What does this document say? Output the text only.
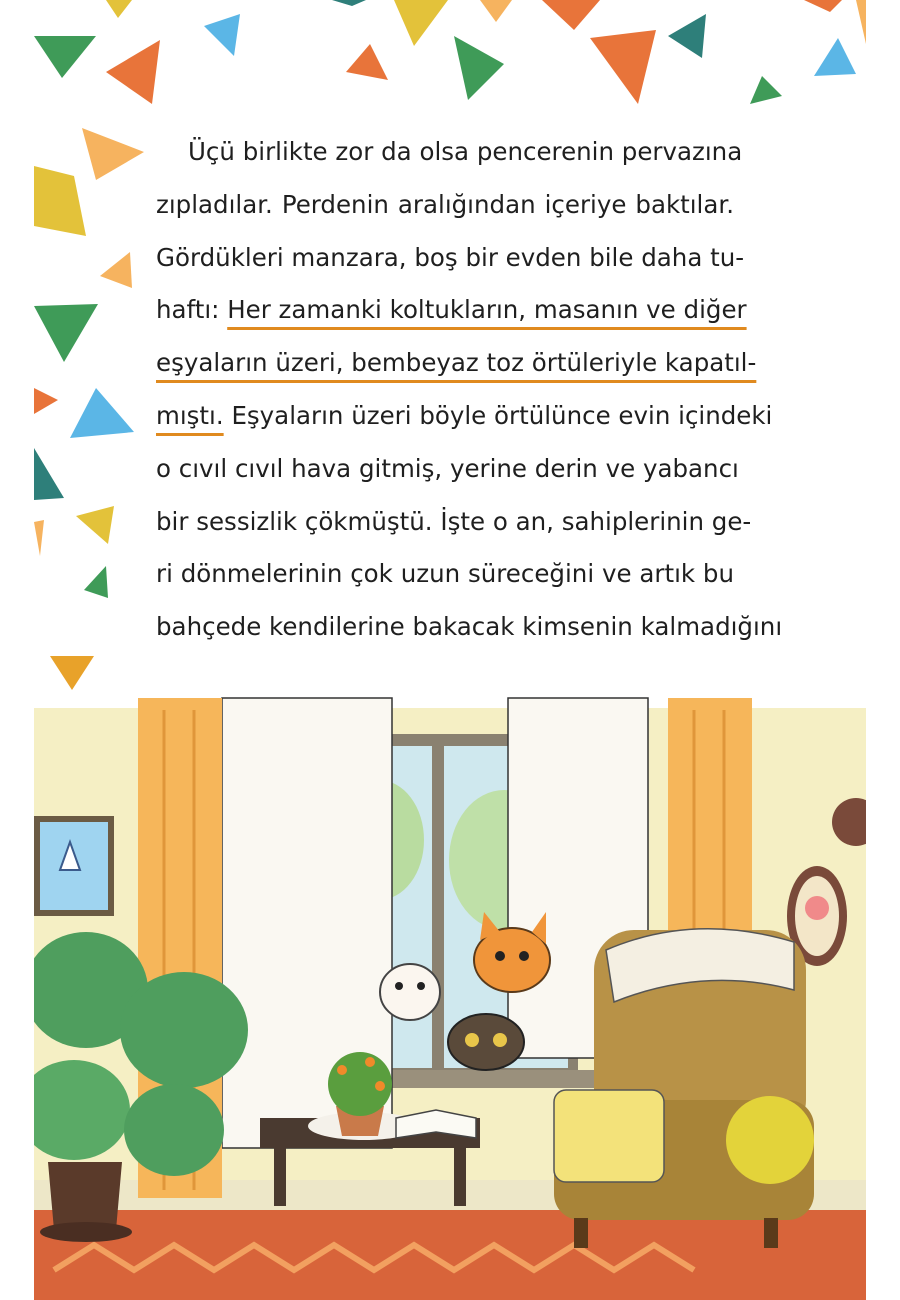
Üçü birlikte zor da olsa pencerenin pervazına
zıpladılar. Perdenin aralığından içeriye baktılar.
Gördükleri manzara, boş bir evden bile daha tu-
haftı: Her zamanki koltukların, masanın ve diğer
eşyaların üzeri, bembeyaz toz örtüleriyle kapatıl-
mıştı. Eşyaların üzeri böyle örtülünce evin içindeki
o cıvıl cıvıl hava gitmiş, yerine derin ve yabancı
bir sessizlik çökmüştü. İşte o an, sahiplerinin ge-
ri dönmelerinin çok uzun süreceğini ve artık bu
bahçede kendilerine bakacak kimsenin kalmadığını
